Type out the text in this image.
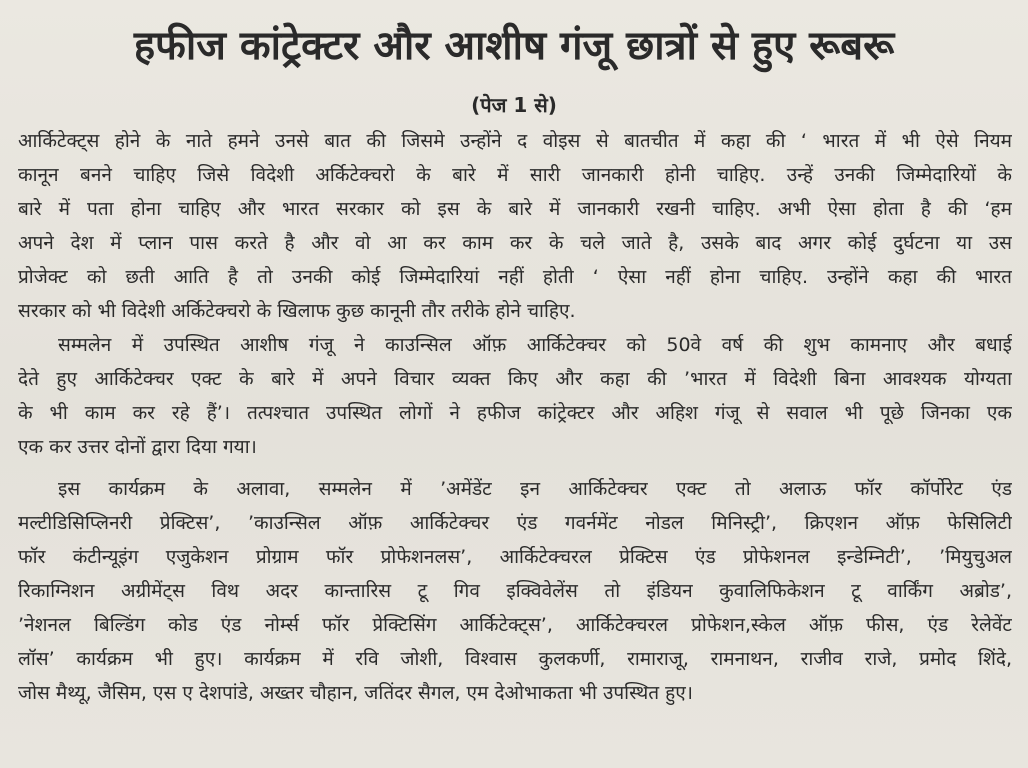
हफीज कांट्रेक्टर और आशीष गंजू छात्रों से हुए रूबरू
(पेज 1 से)
आर्किटेक्ट्स होने के नाते हमने उनसे बात की जिसमे उन्होंने द वोइस से बातचीत में कहा की ‘ भारत में भी ऐसे नियम
कानून बनने चाहिए जिसे विदेशी अर्किटेक्चरो के बारे में सारी जानकारी होनी चाहिए. उन्हें उनकी जिम्मेदारियों के
बारे में पता होना चाहिए और भारत सरकार को इस के बारे में जानकारी रखनी चाहिए. अभी ऐसा होता है की ‘हम
अपने देश में प्लान पास करते है और वो आ कर काम कर के चले जाते है, उसके बाद अगर कोई दुर्घटना या उस
प्रोजेक्ट को छती आति है तो उनकी कोई जिम्मेदारियां नहीं होती ‘ ऐसा नहीं होना चाहिए. उन्होंने कहा की भारत
सरकार को भी विदेशी अर्किटेक्चरो के खिलाफ कुछ कानूनी तौर तरीके होने चाहिए.
सम्मलेन में उपस्थित आशीष गंजू ने काउन्सिल ऑफ़ आर्किटेक्चर को 50वे वर्ष की शुभ कामनाए और बधाई
देते हुए आर्किटेक्चर एक्ट के बारे में अपने विचार व्यक्त किए और कहा की ’भारत में विदेशी बिना आवश्यक योग्यता
के भी काम कर रहे हैं’। तत्पश्चात उपस्थित लोगों ने हफीज कांट्रेक्टर और अहिश गंजू से सवाल भी पूछे जिनका एक
एक कर उत्तर दोनों द्वारा दिया गया।
इस कार्यक्रम के अलावा, सम्मलेन में ’अमेंडेंट इन आर्किटेक्चर एक्ट तो अलाऊ फॉर कॉर्पोरेट एंड
मल्टीडिसिप्लिनरी प्रेक्टिस’, ’काउन्सिल ऑफ़ आर्किटेक्चर एंड गवर्नमेंट नोडल मिनिस्ट्री’, क्रिएशन ऑफ़ फेसिलिटी
फॉर कंटीन्यूइंग एजुकेशन प्रोग्राम फॉर प्रोफेशनलस’, आर्किटेक्चरल प्रेक्टिस एंड प्रोफेशनल इन्डेम्निटी’, ’मियुचुअल
रिकाग्निशन अग्रीमेंट्स विथ अदर कान्तारिस टू गिव इक्विवेलेंस तो इंडियन कुवालिफिकेशन टू वार्किंग अब्रोड’,
’नेशनल बिल्डिंग कोड एंड नोर्म्स फॉर प्रेक्टिसिंग आर्किटेक्ट्स’, आर्किटेक्चरल प्रोफेशन,स्केल ऑफ़ फीस, एंड रेलेवेंट
लॉस’ कार्यक्रम भी हुए। कार्यक्रम में रवि जोशी, विश्वास कुलकर्णी, रामाराजू, रामनाथन, राजीव राजे, प्रमोद शिंदे,
जोस मैथ्यू, जैसिम, एस ए देशपांडे, अख्तर चौहान, जतिंदर सैगल, एम देओभाकता भी उपस्थित हुए।
